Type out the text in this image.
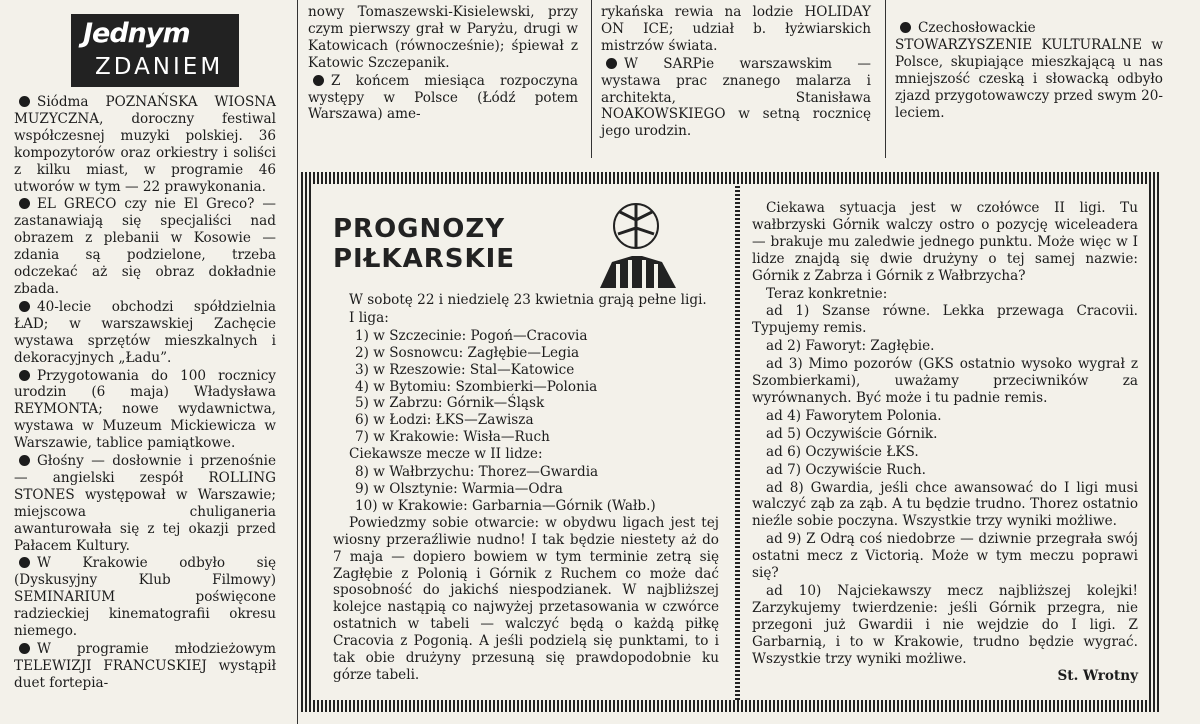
Jednym
ZDANIEM

Siódma POZNAŃSKA WIOSNA MUZYCZNA, doroczny festiwal współczesnej muzyki polskiej. 36 kompozytorów oraz orkiestry i soliści z kilku miast, w programie 46 utworów w tym — 22 prawykonania.

EL GRECO czy nie El Greco? — zastanawiają się specjaliści nad obrazem z plebanii w Kosowie — zdania są podzielone, trzeba odczekać aż się obraz dokładnie zbada.

40-lecie obchodzi spółdzielnia ŁAD; w warszawskiej Zachęcie wystawa sprzętów mieszkalnych i dekoracyjnych „Ładu”.

Przygotowania do 100 rocznicy urodzin (6 maja) Władysława REYMONTA; nowe wydawnictwa, wystawa w Muzeum Mickiewicza w Warszawie, tablice pamiątkowe.

Głośny — dosłownie i przenośnie — angielski zespół ROLLING STONES występował w Warszawie; miejscowa chuliganeria awanturowała się z tej okazji przed Pałacem Kultury.

W Krakowie odbyło się (Dyskusyjny Klub Filmowy) SEMINARIUM poświęcone radzieckiej kinematografii okresu niemego.

W programie młodzieżowym TELEWIZJI FRANCUSKIEJ wystąpił duet fortepia-

nowy Tomaszewski-Kisielewski, przy czym pierwszy grał w Paryżu, drugi w Katowicach (równocześnie); śpiewał z Katowic Szczepanik.

Z końcem miesiąca rozpoczyna występy w Polsce (Łódź potem Warszawa) ame-

rykańska rewia na lodzie HOLIDAY ON ICE; udział b. łyżwiarskich mistrzów świata.

W SARPie warszawskim — wystawa prac znanego malarza i architekta, Stanisława NOAKOWSKIEGO w setną rocznicę jego urodzin.

Czechosłowackie STOWARZYSZENIE KULTURALNE w Polsce, skupiające mieszkającą u nas mniejszość czeską i słowacką odbyło zjazd przygotowawczy przed swym 20-leciem.

PROGNOZY
PIŁKARSKIE

W sobotę 22 i niedzielę 23 kwietnia grają pełne ligi.

I liga:

1) w Szczecinie: Pogoń—Cracovia
2) w Sosnowcu: Zagłębie—Legia
3) w Rzeszowie: Stal—Katowice
4) w Bytomiu: Szombierki—Polonia
5) w Zabrzu: Górnik—Śląsk
6) w Łodzi: ŁKS—Zawisza
7) w Krakowie: Wisła—Ruch

Ciekawsze mecze w II lidze:

8) w Wałbrzychu: Thorez—Gwardia
9) w Olsztynie: Warmia—Odra
10) w Krakowie: Garbarnia—Górnik (Wałb.)

Powiedzmy sobie otwarcie: w obydwu ligach jest tej wiosny przeraźliwie nudno! I tak będzie niestety aż do 7 maja — dopiero bowiem w tym terminie zetrą się Zagłębie z Polonią i Górnik z Ruchem co może dać sposobność do jakichś niespodzianek. W najbliższej kolejce nastąpią co najwyżej przetasowania w czwórce ostatnich w tabeli — walczyć będą o każdą piłkę Cracovia z Pogonią. A jeśli podzielą się punktami, to i tak obie drużyny przesuną się prawdopodobnie ku górze tabeli.

Ciekawa sytuacja jest w czołówce II ligi. Tu wałbrzyski Górnik walczy ostro o pozycję wiceleadera — brakuje mu zaledwie jednego punktu. Może więc w I lidze znajdą się dwie drużyny o tej samej nazwie: Górnik z Zabrza i Górnik z Wałbrzycha?

Teraz konkretnie:

ad 1) Szanse równe. Lekka przewaga Cracovii. Typujemy remis.

ad 2) Faworyt: Zagłębie.

ad 3) Mimo pozorów (GKS ostatnio wysoko wygrał z Szombierkami), uważamy przeciwników za wyrównanych. Być może i tu padnie remis.

ad 4) Faworytem Polonia.

ad 5) Oczywiście Górnik.

ad 6) Oczywiście ŁKS.

ad 7) Oczywiście Ruch.

ad 8) Gwardia, jeśli chce awansować do I ligi musi walczyć ząb za ząb. A tu będzie trudno. Thorez ostatnio nieźle sobie poczyna. Wszystkie trzy wyniki możliwe.

ad 9) Z Odrą coś niedobrze — dziwnie przegrała swój ostatni mecz z Victorią. Może w tym meczu poprawi się?

ad 10) Najciekawszy mecz najbliższej kolejki! Zarzykujemy twierdzenie: jeśli Górnik przegra, nie przegoni już Gwardii i nie wejdzie do I ligi. Z Garbarnią, i to w Krakowie, trudno będzie wygrać. Wszystkie trzy wyniki możliwe.

St. Wrotny
